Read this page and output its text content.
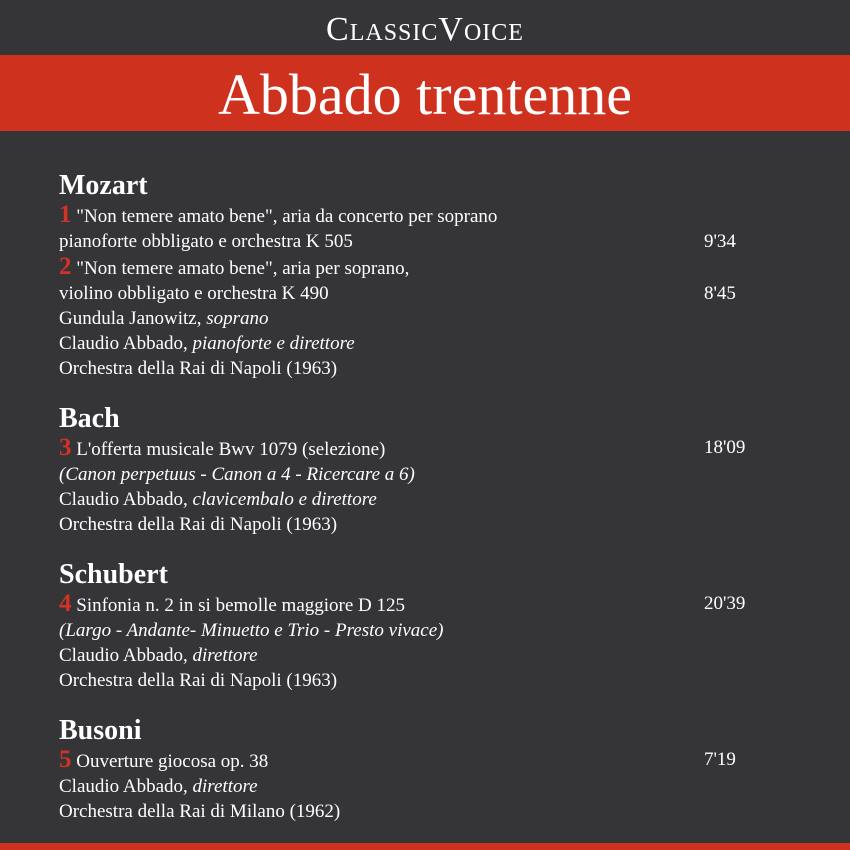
ClassicVoice
Abbado trentenne
Mozart
1 "Non temere amato bene", aria da concerto per soprano
pianoforte obbligato e orchestra K 505	9'34
2 "Non temere amato bene", aria per soprano,
violino obbligato e orchestra K 490	8'45
Gundula Janowitz, soprano
Claudio Abbado, pianoforte e direttore
Orchestra della Rai di Napoli (1963)
Bach
3 L'offerta musicale Bwv 1079 (selezione)	18'09
(Canon perpetuus - Canon a 4 - Ricercare a 6)
Claudio Abbado, clavicembalo e direttore
Orchestra della Rai di Napoli (1963)
Schubert
4 Sinfonia n. 2 in si bemolle maggiore D 125	20'39
(Largo - Andante- Minuetto e Trio - Presto vivace)
Claudio Abbado, direttore
Orchestra della Rai di Napoli (1963)
Busoni
5 Ouverture giocosa op. 38	7'19
Claudio Abbado, direttore
Orchestra della Rai di Milano (1962)
